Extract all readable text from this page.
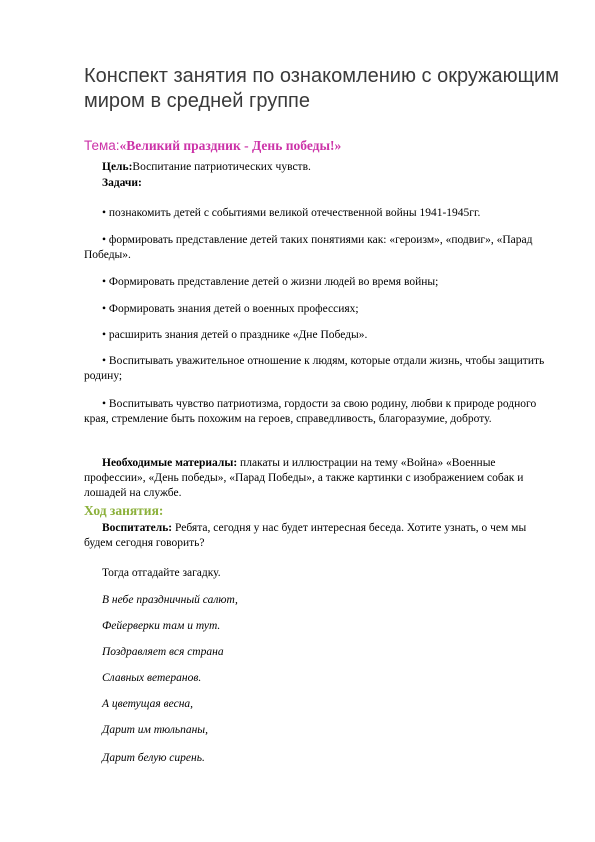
Конспект занятия по ознакомлению с окружающим миром в средней группе
Тема:«Великий праздник - День победы!»
Цель:Воспитание патриотических чувств.
Задачи:
• познакомить детей с событиями великой отечественной войны 1941-1945гг.
• формировать представление детей таких понятиями как: «героизм», «подвиг», «Парад Победы».
• Формировать представление детей о жизни людей во время войны;
• Формировать знания детей о военных профессиях;
• расширить знания детей о празднике «Дне Победы».
• Воспитывать уважительное отношение к людям, которые отдали жизнь, чтобы защитить родину;
• Воспитывать чувство патриотизма, гордости за свою родину, любви к природе родного края, стремление быть похожим на героев, справедливость, благоразумие, доброту.
Необходимые материалы: плакаты и иллюстрации на тему «Война» «Военные профессии», «День победы», «Парад Победы», а также картинки с изображением собак и лошадей на службе.
Ход занятия:
Воспитатель: Ребята, сегодня у нас будет интересная беседа. Хотите узнать, о чем мы будем сегодня говорить?
Тогда отгадайте загадку.
В небе праздничный салют,
Фейерверки там и тут.
Поздравляет вся страна
Славных ветеранов.
А цветущая весна,
Дарит им тюльпаны,
Дарит белую сирень.
